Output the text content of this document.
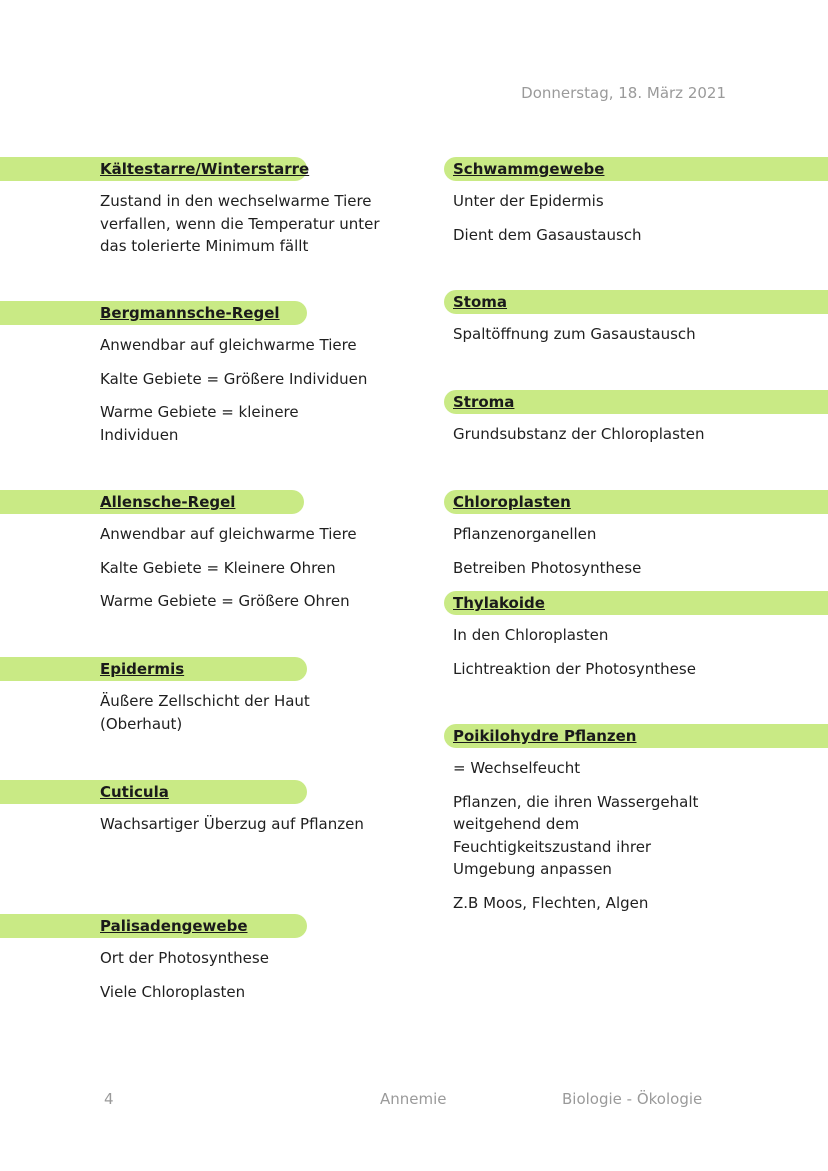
Donnerstag, 18. März 2021
Kältestarre/Winterstarre
Zustand in den wechselwarme Tiere verfallen, wenn die Temperatur unter das tolerierte Minimum fällt
Bergmannsche-Regel
Anwendbar auf gleichwarme Tiere
Kalte Gebiete = Größere Individuen
Warme Gebiete = kleinere Individuen
Allensche-Regel
Anwendbar auf gleichwarme Tiere
Kalte Gebiete = Kleinere Ohren
Warme Gebiete = Größere Ohren
Epidermis
Äußere Zellschicht der Haut (Oberhaut)
Cuticula
Wachsartiger Überzug auf Pflanzen
Palisadengewebe
Ort der Photosynthese
Viele Chloroplasten
Schwammgewebe
Unter der Epidermis
Dient dem Gasaustausch
Stoma
Spaltöffnung zum Gasaustausch
Stroma
Grundsubstanz der Chloroplasten
Chloroplasten
Pflanzenorganellen
Betreiben Photosynthese
Thylakoide
In den Chloroplasten
Lichtreaktion der Photosynthese
Poikilohydre Pflanzen
= Wechselfeucht
Pflanzen, die ihren Wassergehalt weitgehend dem Feuchtigkeitszustand ihrer Umgebung anpassen
Z.B Moos, Flechten, Algen
4	Annemie	Biologie - Ökologie
